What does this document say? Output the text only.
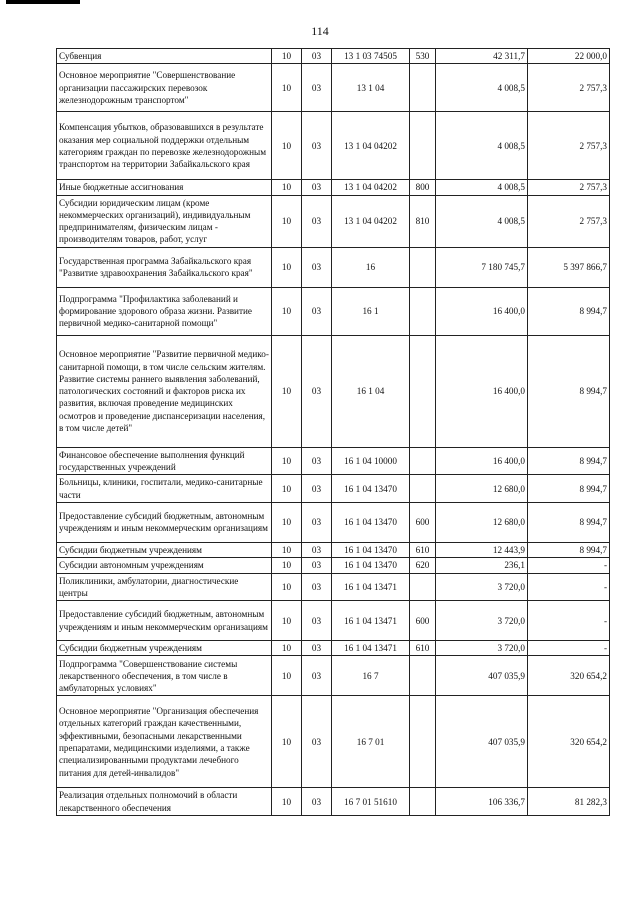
114
Субвенция	10	03	13 1 03 74505	530	42 311,7	22 000,0
Основное мероприятие "Совершенствование организации пассажирских перевозок железнодорожным транспортом"	10	03	13 1 04		4 008,5	2 757,3
Компенсация убытков, образовавшихся в результате оказания мер социальной поддержки отдельным категориям граждан по перевозке железнодорожным транспортом на территории Забайкальского края	10	03	13 1 04 04202		4 008,5	2 757,3
Иные бюджетные ассигнования	10	03	13 1 04 04202	800	4 008,5	2 757,3
Субсидии юридическим лицам (кроме некоммерческих организаций), индивидуальным предпринимателям, физическим лицам - производителям товаров, работ, услуг	10	03	13 1 04 04202	810	4 008,5	2 757,3
Государственная программа Забайкальского края "Развитие здравоохранения Забайкальского края"	10	03	16		7 180 745,7	5 397 866,7
Подпрограмма "Профилактика заболеваний и формирование здорового образа жизни. Развитие первичной медико-санитарной помощи"	10	03	16 1		16 400,0	8 994,7
Основное мероприятие "Развитие первичной медико-санитарной помощи, в том числе сельским жителям. Развитие системы раннего выявления заболеваний, патологических состояний и факторов риска их развития, включая проведение медицинских осмотров и проведение диспансеризации населения, в том числе детей"	10	03	16 1 04		16 400,0	8 994,7
Финансовое обеспечение выполнения функций государственных учреждений	10	03	16 1 04 10000		16 400,0	8 994,7
Больницы, клиники, госпитали, медико-санитарные части	10	03	16 1 04 13470		12 680,0	8 994,7
Предоставление субсидий бюджетным, автономным учреждениям и иным некоммерческим организациям	10	03	16 1 04 13470	600	12 680,0	8 994,7
Субсидии бюджетным учреждениям	10	03	16 1 04 13470	610	12 443,9	8 994,7
Субсидии автономным учреждениям	10	03	16 1 04 13470	620	236,1	-
Поликлиники, амбулатории, диагностические центры	10	03	16 1 04 13471		3 720,0	-
Предоставление субсидий бюджетным, автономным учреждениям и иным некоммерческим организациям	10	03	16 1 04 13471	600	3 720,0	-
Субсидии бюджетным учреждениям	10	03	16 1 04 13471	610	3 720,0	-
Подпрограмма "Совершенствование системы лекарственного обеспечения, в том числе в амбулаторных условиях"	10	03	16 7		407 035,9	320 654,2
Основное мероприятие "Организация обеспечения отдельных категорий граждан качественными, эффективными, безопасными лекарственными препаратами, медицинскими изделиями, а также специализированными продуктами лечебного питания для детей-инвалидов"	10	03	16 7 01		407 035,9	320 654,2
Реализация отдельных полномочий в области лекарственного обеспечения	10	03	16 7 01 51610		106 336,7	81 282,3
